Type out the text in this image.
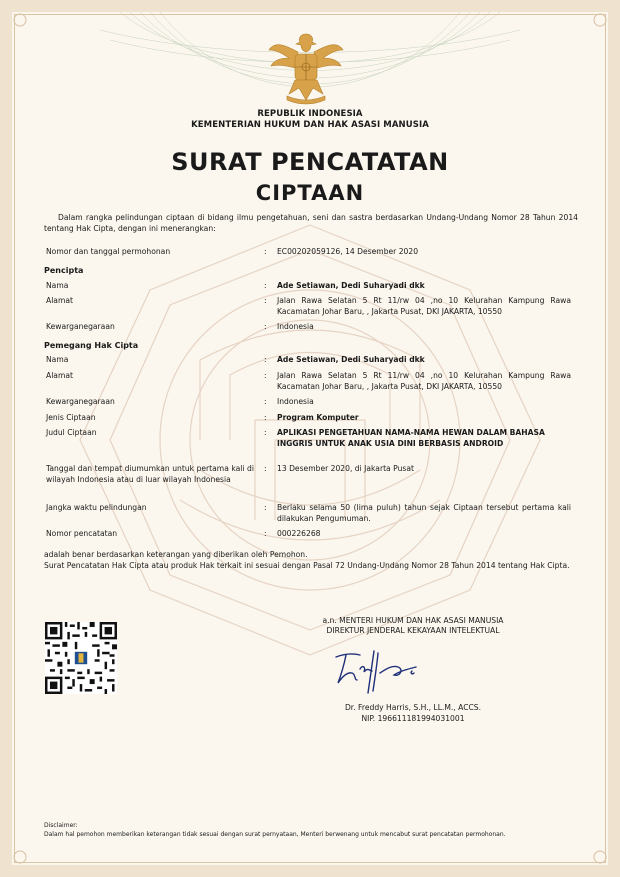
REPUBLIK INDONESIA
KEMENTERIAN HUKUM DAN HAK ASASI MANUSIA
SURAT PENCATATAN
CIPTAAN
Dalam rangka pelindungan ciptaan di bidang ilmu pengetahuan, seni dan sastra berdasarkan Undang-Undang Nomor 28 Tahun 2014 tentang Hak Cipta, dengan ini menerangkan:
Nomor dan tanggal permohonan	: EC00202059126, 14 Desember 2020
Pencipta
Nama	: Ade Setiawan, Dedi Suharyadi dkk
Alamat	: Jalan Rawa Selatan 5 Rt 11/rw 04 ,no 10 Kelurahan Kampung Rawa Kacamatan Johar Baru, , Jakarta Pusat, DKI JAKARTA, 10550
Kewarganegaraan	: Indonesia
Pemegang Hak Cipta
Nama	: Ade Setiawan, Dedi Suharyadi dkk
Alamat	: Jalan Rawa Selatan 5 Rt 11/rw 04 ,no 10 Kelurahan Kampung Rawa Kacamatan Johar Baru, , Jakarta Pusat, DKI JAKARTA, 10550
Kewarganegaraan	: Indonesia
Jenis Ciptaan	: Program Komputer
Judul Ciptaan	: APLIKASI PENGETAHUAN NAMA-NAMA HEWAN DALAM BAHASA INGGRIS UNTUK ANAK USIA DINI BERBASIS ANDROID
Tanggal dan tempat diumumkan untuk pertama kali di wilayah Indonesia atau di luar wilayah Indonesia
: 13 Desember 2020, di Jakarta Pusat
Jangka waktu pelindungan	: Berlaku selama 50 (lima puluh) tahun sejak Ciptaan tersebut pertama kali dilakukan Pengumuman.
Nomor pencatatan	: 000226268
adalah benar berdasarkan keterangan yang diberikan oleh Pemohon.
Surat Pencatatan Hak Cipta atau produk Hak terkait ini sesuai dengan Pasal 72 Undang-Undang Nomor 28 Tahun 2014 tentang Hak Cipta.
a.n. MENTERI HUKUM DAN HAK ASASI MANUSIA
DIREKTUR JENDERAL KEKAYAAN INTELEKTUAL
Dr. Freddy Harris, S.H., LL.M., ACCS.
NIP. 196611181994031001
Disclaimer:
Dalam hal pemohon memberikan keterangan tidak sesuai dengan surat pernyataan, Menteri berwenang untuk mencabut surat pencatatan permohonan.
